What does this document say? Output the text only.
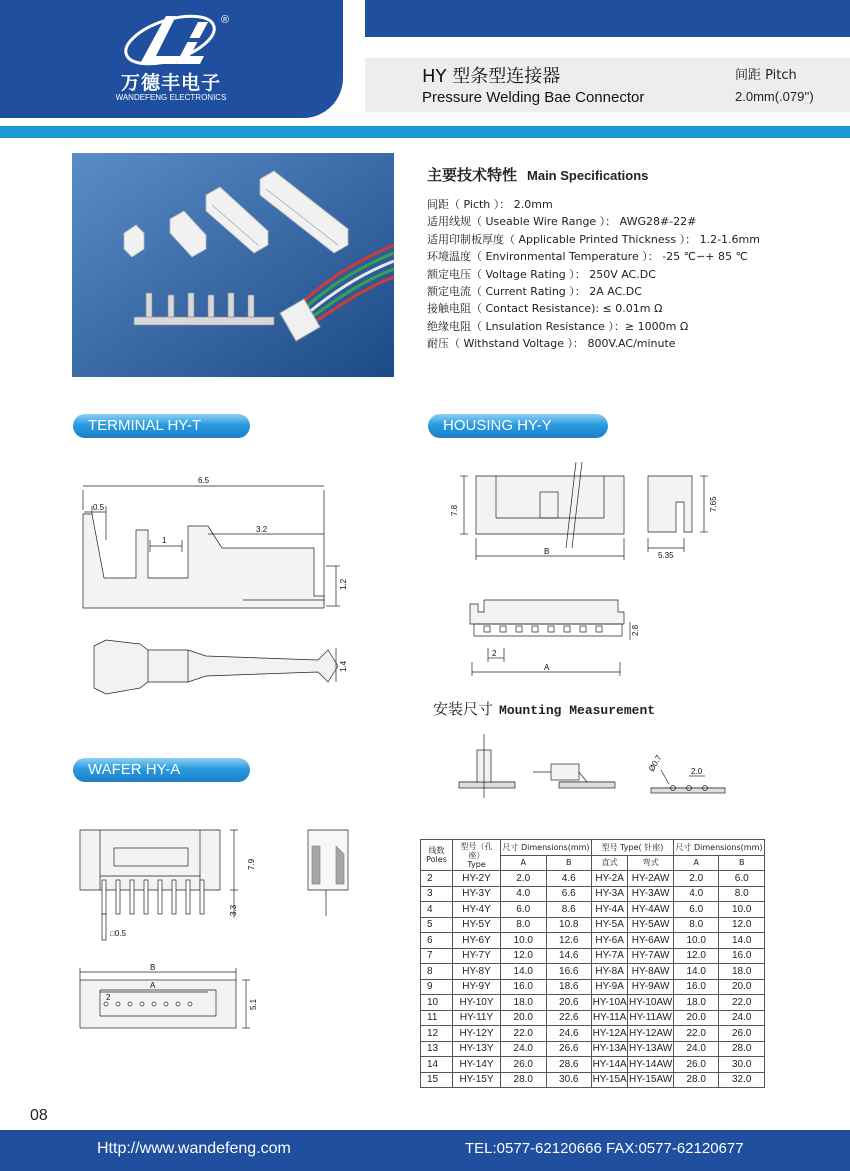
®
万德丰电子
WANDEFENG ELECTRONICS
HY 型条型连接器
Pressure Welding Bae Connector
间距 Pitch
2.0mm(.079'')
主要技术特性 Main Specifications
间距（ Picth ）： 2.0mm
适用线规（ Useable Wire Range ）： AWG28#-22#
适用印制板厚度（ Applicable Printed Thickness ）： 1.2-1.6mm
环境温度（ Environmental Temperature ）： -25 ℃∽+ 85 ℃
额定电压（ Voltage Rating ）： 250V AC.DC
额定电流（ Current Rating ）： 2A AC.DC
接触电阻（ Contact Resistance): ≤ 0.01m Ω
绝缘电阻（ Lnsulation Resistance ）：≥ 1000m Ω
耐压（ Withstand Voltage ）： 800V.AC/minute
TERMINAL HY-T	HOUSING HY-Y
WAFER HY-A
6.5
0.5
3.2
1
1.2
1.4
7.8	7.65
B	5.35
2.8
2
A
安装尺寸 Mounting Measurement
Ø0.7	2.0
7.9
3.3
□0.5
B
A
2
5.1
线数
Poles	型号（孔座）
Type	尺寸 Dimensions(mm)		型号 Type( 针座)		尺寸 Dimensions(mm)	
		A	B	直式	弯式	A	B
2	HY-2Y	2.0	4.6	HY-2A	HY-2AW	2.0	6.0
3	HY-3Y	4.0	6.6	HY-3A	HY-3AW	4.0	8.0
4	HY-4Y	6.0	8.6	HY-4A	HY-4AW	6.0	10.0
5	HY-5Y	8.0	10.8	HY-5A	HY-5AW	8.0	12.0
6	HY-6Y	10.0	12.6	HY-6A	HY-6AW	10.0	14.0
7	HY-7Y	12.0	14.6	HY-7A	HY-7AW	12.0	16.0
8	HY-8Y	14.0	16.6	HY-8A	HY-8AW	14.0	18.0
9	HY-9Y	16.0	18.6	HY-9A	HY-9AW	16.0	20.0
10	HY-10Y	18.0	20.6	HY-10A	HY-10AW	18.0	22.0
11	HY-11Y	20.0	22.6	HY-11A	HY-11AW	20.0	24.0
12	HY-12Y	22.0	24.6	HY-12A	HY-12AW	22.0	26.0
13	HY-13Y	24.0	26.6	HY-13A	HY-13AW	24.0	28.0
14	HY-14Y	26.0	28.6	HY-14A	HY-14AW	26.0	30.0
15	HY-15Y	28.0	30.6	HY-15A	HY-15AW	28.0	32.0
08
Http://www.wandefeng.com	TEL:0577-62120666 FAX:0577-62120677
